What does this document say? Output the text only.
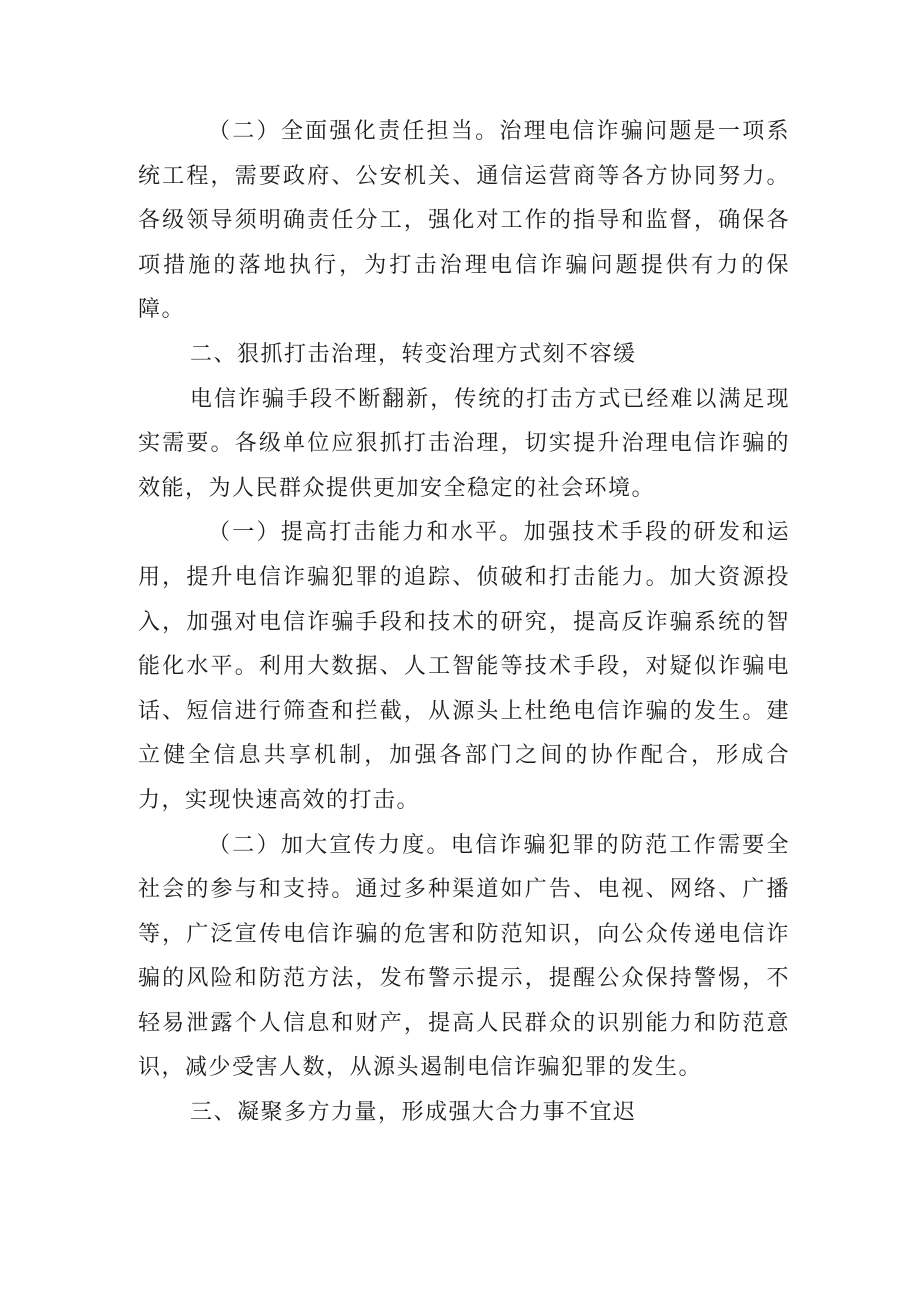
（二）全面强化责任担当。治理电信诈骗问题是一项系统工程，需要政府、公安机关、通信运营商等各方协同努力。各级领导须明确责任分工，强化对工作的指导和监督，确保各项措施的落地执行，为打击治理电信诈骗问题提供有力的保障。

二、狠抓打击治理，转变治理方式刻不容缓

电信诈骗手段不断翻新，传统的打击方式已经难以满足现实需要。各级单位应狠抓打击治理，切实提升治理电信诈骗的效能，为人民群众提供更加安全稳定的社会环境。

（一）提高打击能力和水平。加强技术手段的研发和运用，提升电信诈骗犯罪的追踪、侦破和打击能力。加大资源投入，加强对电信诈骗手段和技术的研究，提高反诈骗系统的智能化水平。利用大数据、人工智能等技术手段，对疑似诈骗电话、短信进行筛查和拦截，从源头上杜绝电信诈骗的发生。建立健全信息共享机制，加强各部门之间的协作配合，形成合力，实现快速高效的打击。

（二）加大宣传力度。电信诈骗犯罪的防范工作需要全社会的参与和支持。通过多种渠道如广告、电视、网络、广播等，广泛宣传电信诈骗的危害和防范知识，向公众传递电信诈骗的风险和防范方法，发布警示提示，提醒公众保持警惕，不轻易泄露个人信息和财产，提高人民群众的识别能力和防范意识，减少受害人数，从源头遏制电信诈骗犯罪的发生。

三、凝聚多方力量，形成强大合力事不宜迟
